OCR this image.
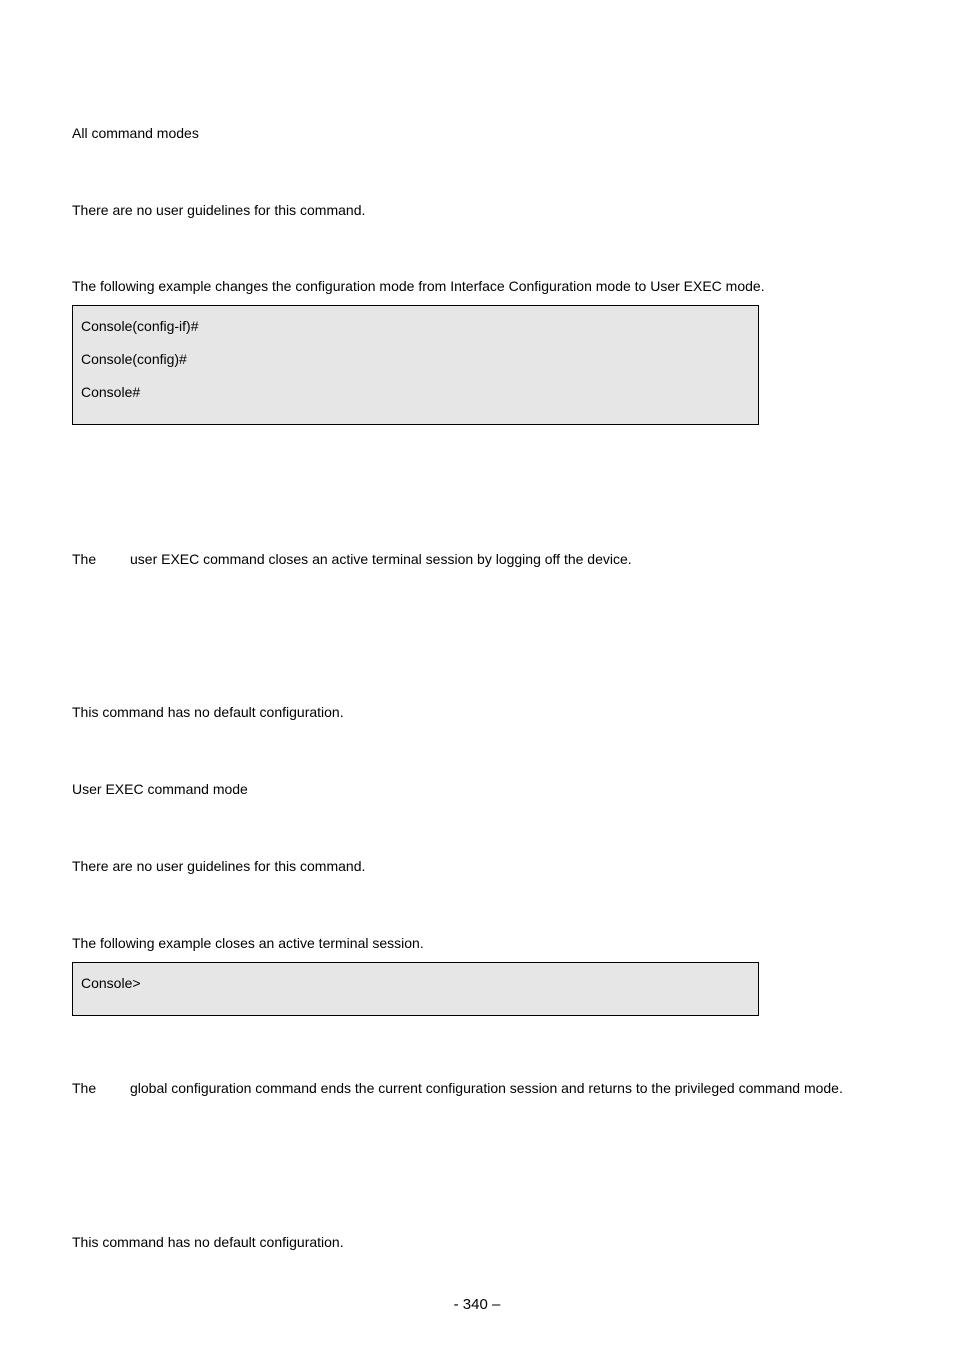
All command modes

There are no user guidelines for this command.

The following example changes the configuration mode from Interface Configuration mode to User EXEC mode.

Console(config-if)#

Console(config)#

Console#

The user EXEC command closes an active terminal session by logging off the device.

This command has no default configuration.

User EXEC command mode

There are no user guidelines for this command.

The following example closes an active terminal session.

Console>

The global configuration command ends the current configuration session and returns to the privileged command mode.

This command has no default configuration.

- 340 –
